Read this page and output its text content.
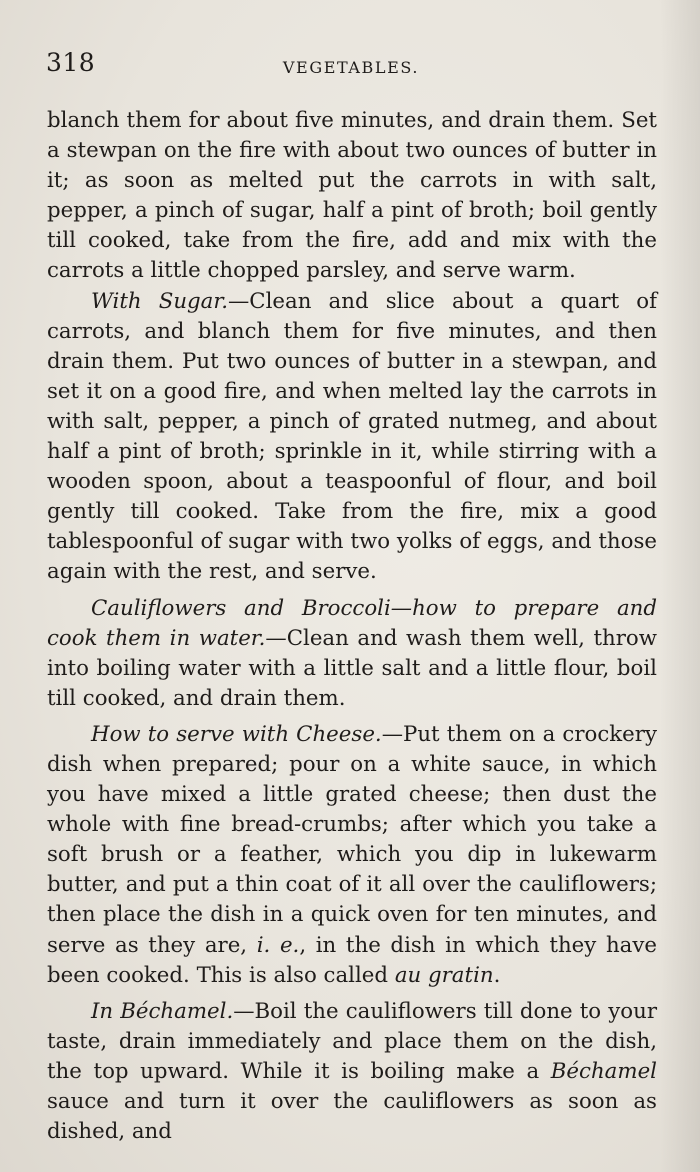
318	VEGETABLES.

blanch them for about five minutes, and drain them. Set a stewpan on the fire with about two ounces of butter in it; as soon as melted put the carrots in with salt, pepper, a pinch of sugar, half a pint of broth; boil gently till cooked, take from the fire, add and mix with the carrots a little chopped parsley, and serve warm.

With Sugar.—Clean and slice about a quart of carrots, and blanch them for five minutes, and then drain them. Put two ounces of butter in a stewpan, and set it on a good fire, and when melted lay the carrots in with salt, pepper, a pinch of grated nutmeg, and about half a pint of broth; sprinkle in it, while stirring with a wooden spoon, about a teaspoonful of flour, and boil gently till cooked. Take from the fire, mix a good tablespoonful of sugar with two yolks of eggs, and those again with the rest, and serve.

Cauliflowers and Broccoli—how to prepare and cook them in water.—Clean and wash them well, throw into boiling water with a little salt and a little flour, boil till cooked, and drain them.

How to serve with Cheese.—Put them on a crockery dish when prepared; pour on a white sauce, in which you have mixed a little grated cheese; then dust the whole with fine bread-crumbs; after which you take a soft brush or a feather, which you dip in lukewarm butter, and put a thin coat of it all over the cauliflowers; then place the dish in a quick oven for ten minutes, and serve as they are, i. e., in the dish in which they have been cooked. This is also called au gratin.

In Béchamel.—Boil the cauliflowers till done to your taste, drain immediately and place them on the dish, the top upward. While it is boiling make a Béchamel sauce and turn it over the cauliflowers as soon as dished, and
